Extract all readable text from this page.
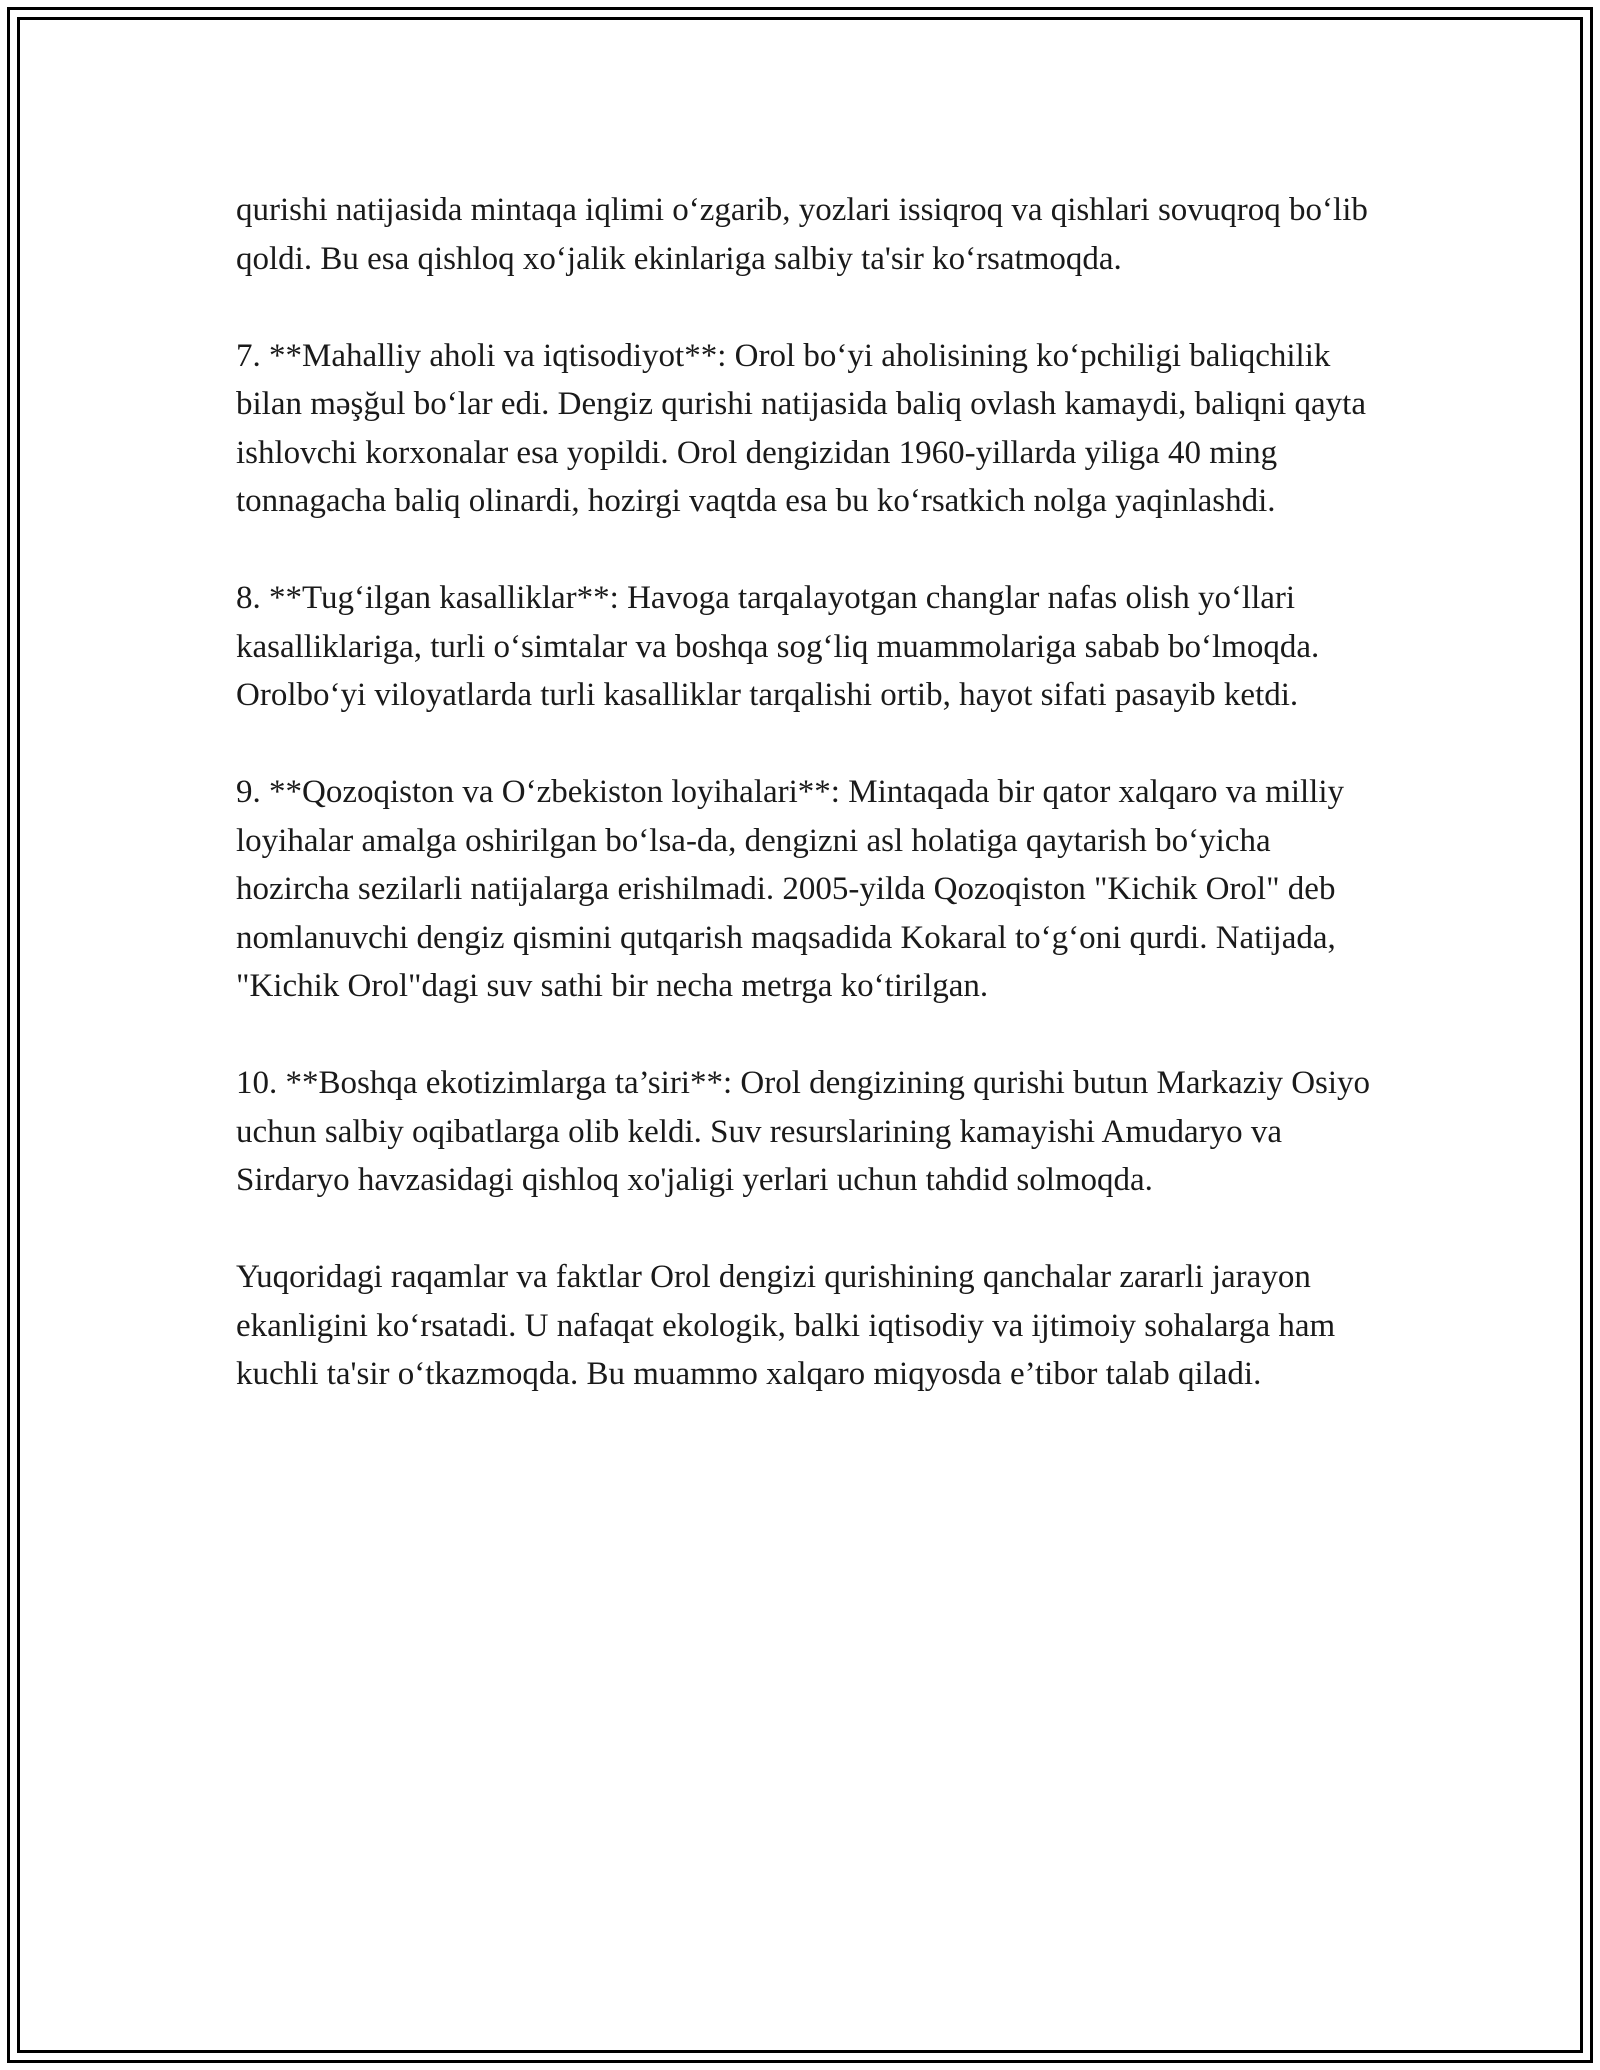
qurishi natijasida mintaqa iqlimi o‘zgarib, yozlari issiqroq va qishlari sovuqroq bo‘lib qoldi. Bu esa qishloq xo‘jalik ekinlariga salbiy ta'sir ko‘rsatmoqda.

7. **Mahalliy aholi va iqtisodiyot**: Orol bo‘yi aholisining ko‘pchiligi baliqchilik bilan məşğul bo‘lar edi. Dengiz qurishi natijasida baliq ovlash kamaydi, baliqni qayta ishlovchi korxonalar esa yopildi. Orol dengizidan 1960-yillarda yiliga 40 ming tonnagacha baliq olinardi, hozirgi vaqtda esa bu ko‘rsatkich nolga yaqinlashdi.

8. **Tug‘ilgan kasalliklar**: Havoga tarqalayotgan changlar nafas olish yo‘llari kasalliklariga, turli o‘simtalar va boshqa sog‘liq muammolariga sabab bo‘lmoqda. Orolbo‘yi viloyatlarda turli kasalliklar tarqalishi ortib, hayot sifati pasayib ketdi.

9. **Qozoqiston va O‘zbekiston loyihalari**: Mintaqada bir qator xalqaro va milliy loyihalar amalga oshirilgan bo‘lsa-da, dengizni asl holatiga qaytarish bo‘yicha hozircha sezilarli natijalarga erishilmadi. 2005-yilda Qozoqiston "Kichik Orol" deb nomlanuvchi dengiz qismini qutqarish maqsadida Kokaral to‘g‘oni qurdi. Natijada, "Kichik Orol"dagi suv sathi bir necha metrga ko‘tirilgan.

10. **Boshqa ekotizimlarga ta’siri**: Orol dengizining qurishi butun Markaziy Osiyo uchun salbiy oqibatlarga olib keldi. Suv resurslarining kamayishi Amudaryo va Sirdaryo havzasidagi qishloq xo'jaligi yerlari uchun tahdid solmoqda.

Yuqoridagi raqamlar va faktlar Orol dengizi qurishining qanchalar zararli jarayon ekanligini ko‘rsatadi. U nafaqat ekologik, balki iqtisodiy va ijtimoiy sohalarga ham kuchli ta'sir o‘tkazmoqda. Bu muammo xalqaro miqyosda e’tibor talab qiladi.
